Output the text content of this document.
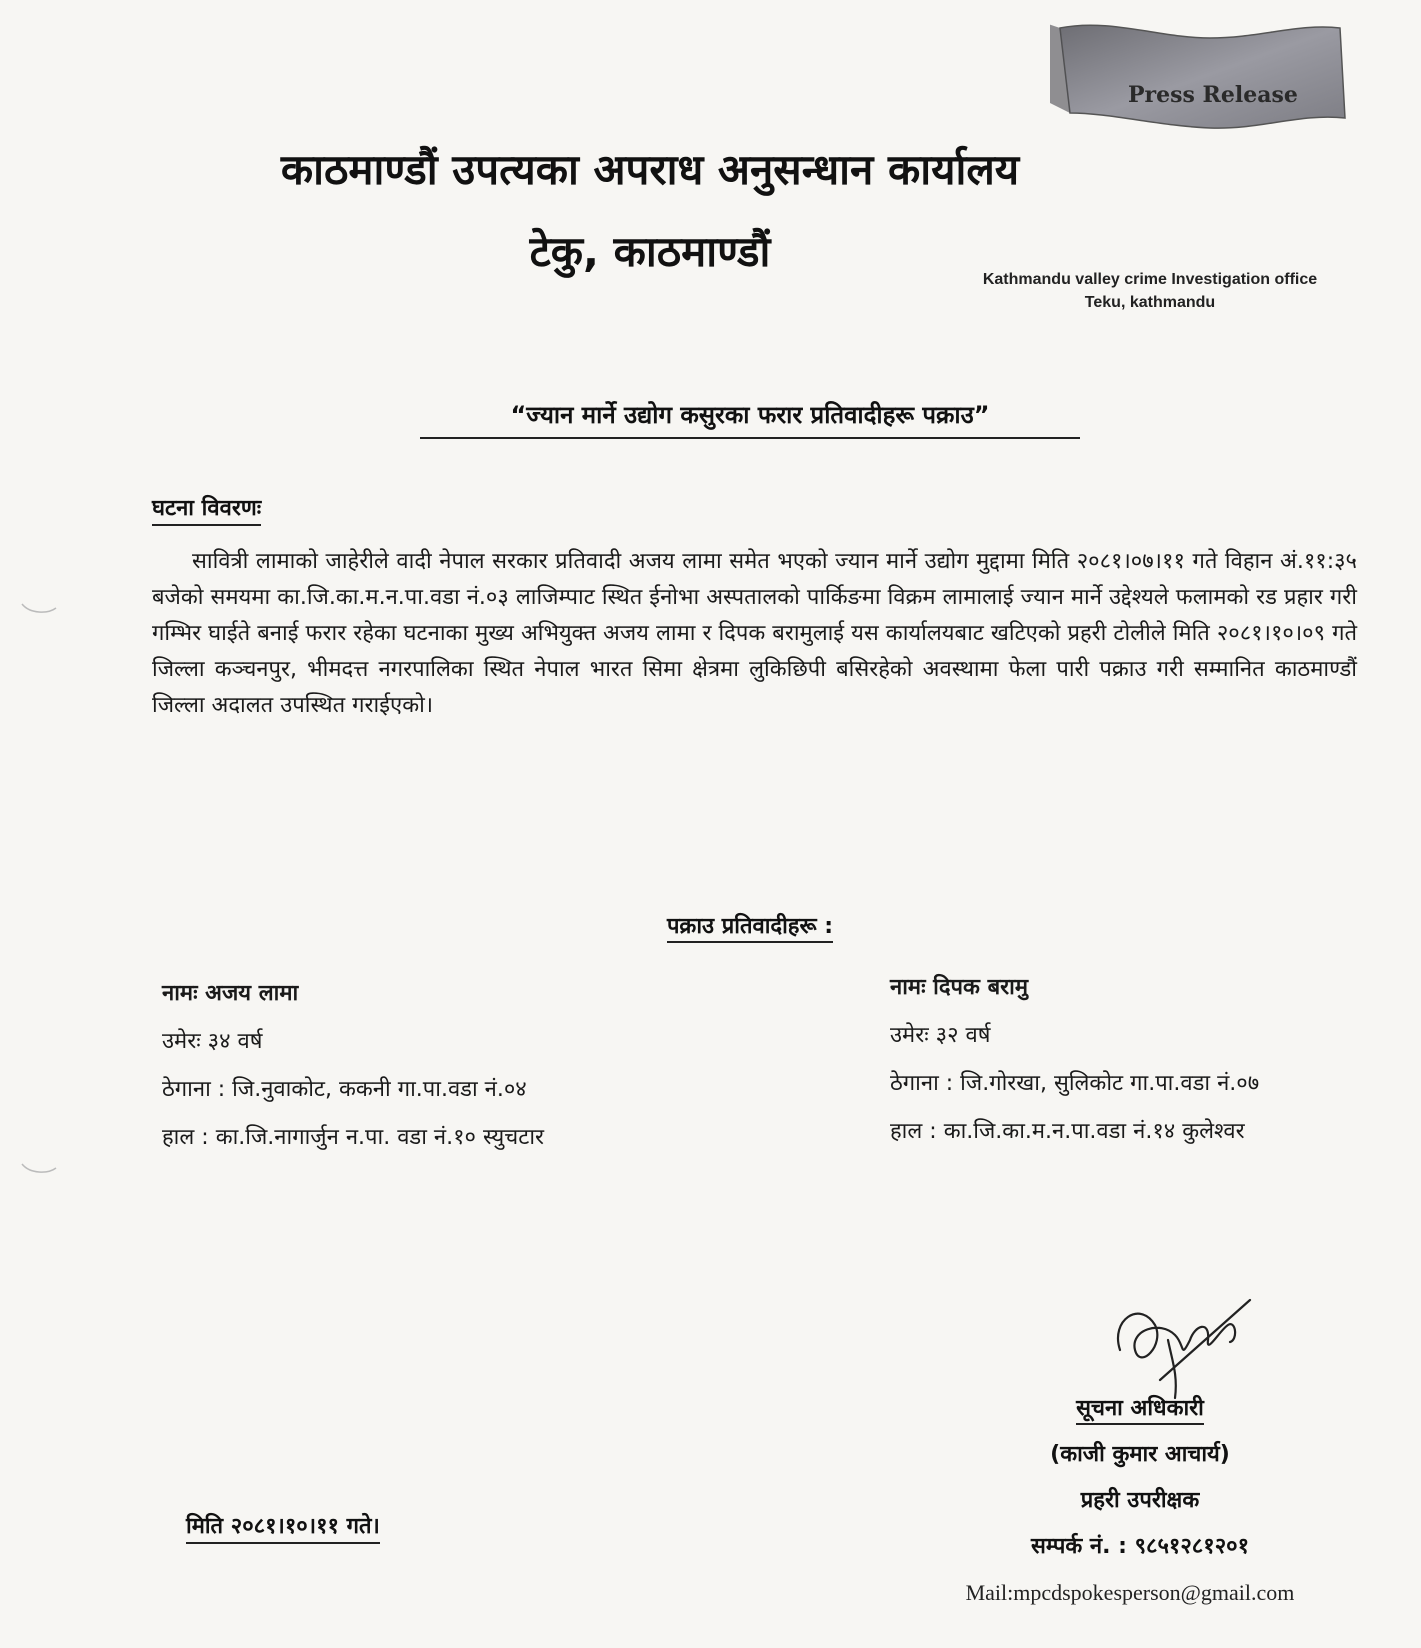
Press Release
काठमाण्डौं उपत्यका अपराध अनुसन्धान कार्यालय
टेकु, काठमाण्डौं
Kathmandu valley crime Investigation office
Teku, kathmandu
“ज्यान मार्ने उद्योग कसुरका फरार प्रतिवादीहरू पक्राउ”
घटना विवरणः
सावित्री लामाको जाहेरीले वादी नेपाल सरकार प्रतिवादी अजय लामा समेत भएको ज्यान मार्ने उद्योग मुद्दामा मिति २०८१।०७।११ गते विहान अं.११:३५ बजेको समयमा का.जि.का.म.न.पा.वडा नं.०३ लाजिम्पाट स्थित ईनोभा अस्पतालको पार्किङमा विक्रम लामालाई ज्यान मार्ने उद्देश्यले फलामको रड प्रहार गरी गम्भिर घाईते बनाई फरार रहेका घटनाका मुख्य अभियुक्त अजय लामा र दिपक बरामुलाई यस कार्यालयबाट खटिएको प्रहरी टोलीले मिति २०८१।१०।०९ गते जिल्ला कञ्चनपुर, भीमदत्त नगरपालिका स्थित नेपाल भारत सिमा क्षेत्रमा लुकिछिपी बसिरहेको अवस्थामा फेला पारी पक्राउ गरी सम्मानित काठमाण्डौं जिल्ला अदालत उपस्थित गराईएको।
पक्राउ प्रतिवादीहरू :
नामः अजय लामा
उमेरः ३४ वर्ष
ठेगाना : जि.नुवाकोट, ककनी गा.पा.वडा नं.०४
हाल : का.जि.नागार्जुन न.पा. वडा नं.१० स्युचटार
नामः दिपक बरामु
उमेरः ३२ वर्ष
ठेगाना : जि.गोरखा, सुलिकोट गा.पा.वडा नं.०७
हाल : का.जि.का.म.न.पा.वडा नं.१४ कुलेश्वर
सूचना अधिकारी
(काजी कुमार आचार्य)
प्रहरी उपरीक्षक
सम्पर्क नं. : ९८५१२८१२०१
Mail:mpcdspokesperson@gmail.com
मिति २०८१।१०।११ गते।
